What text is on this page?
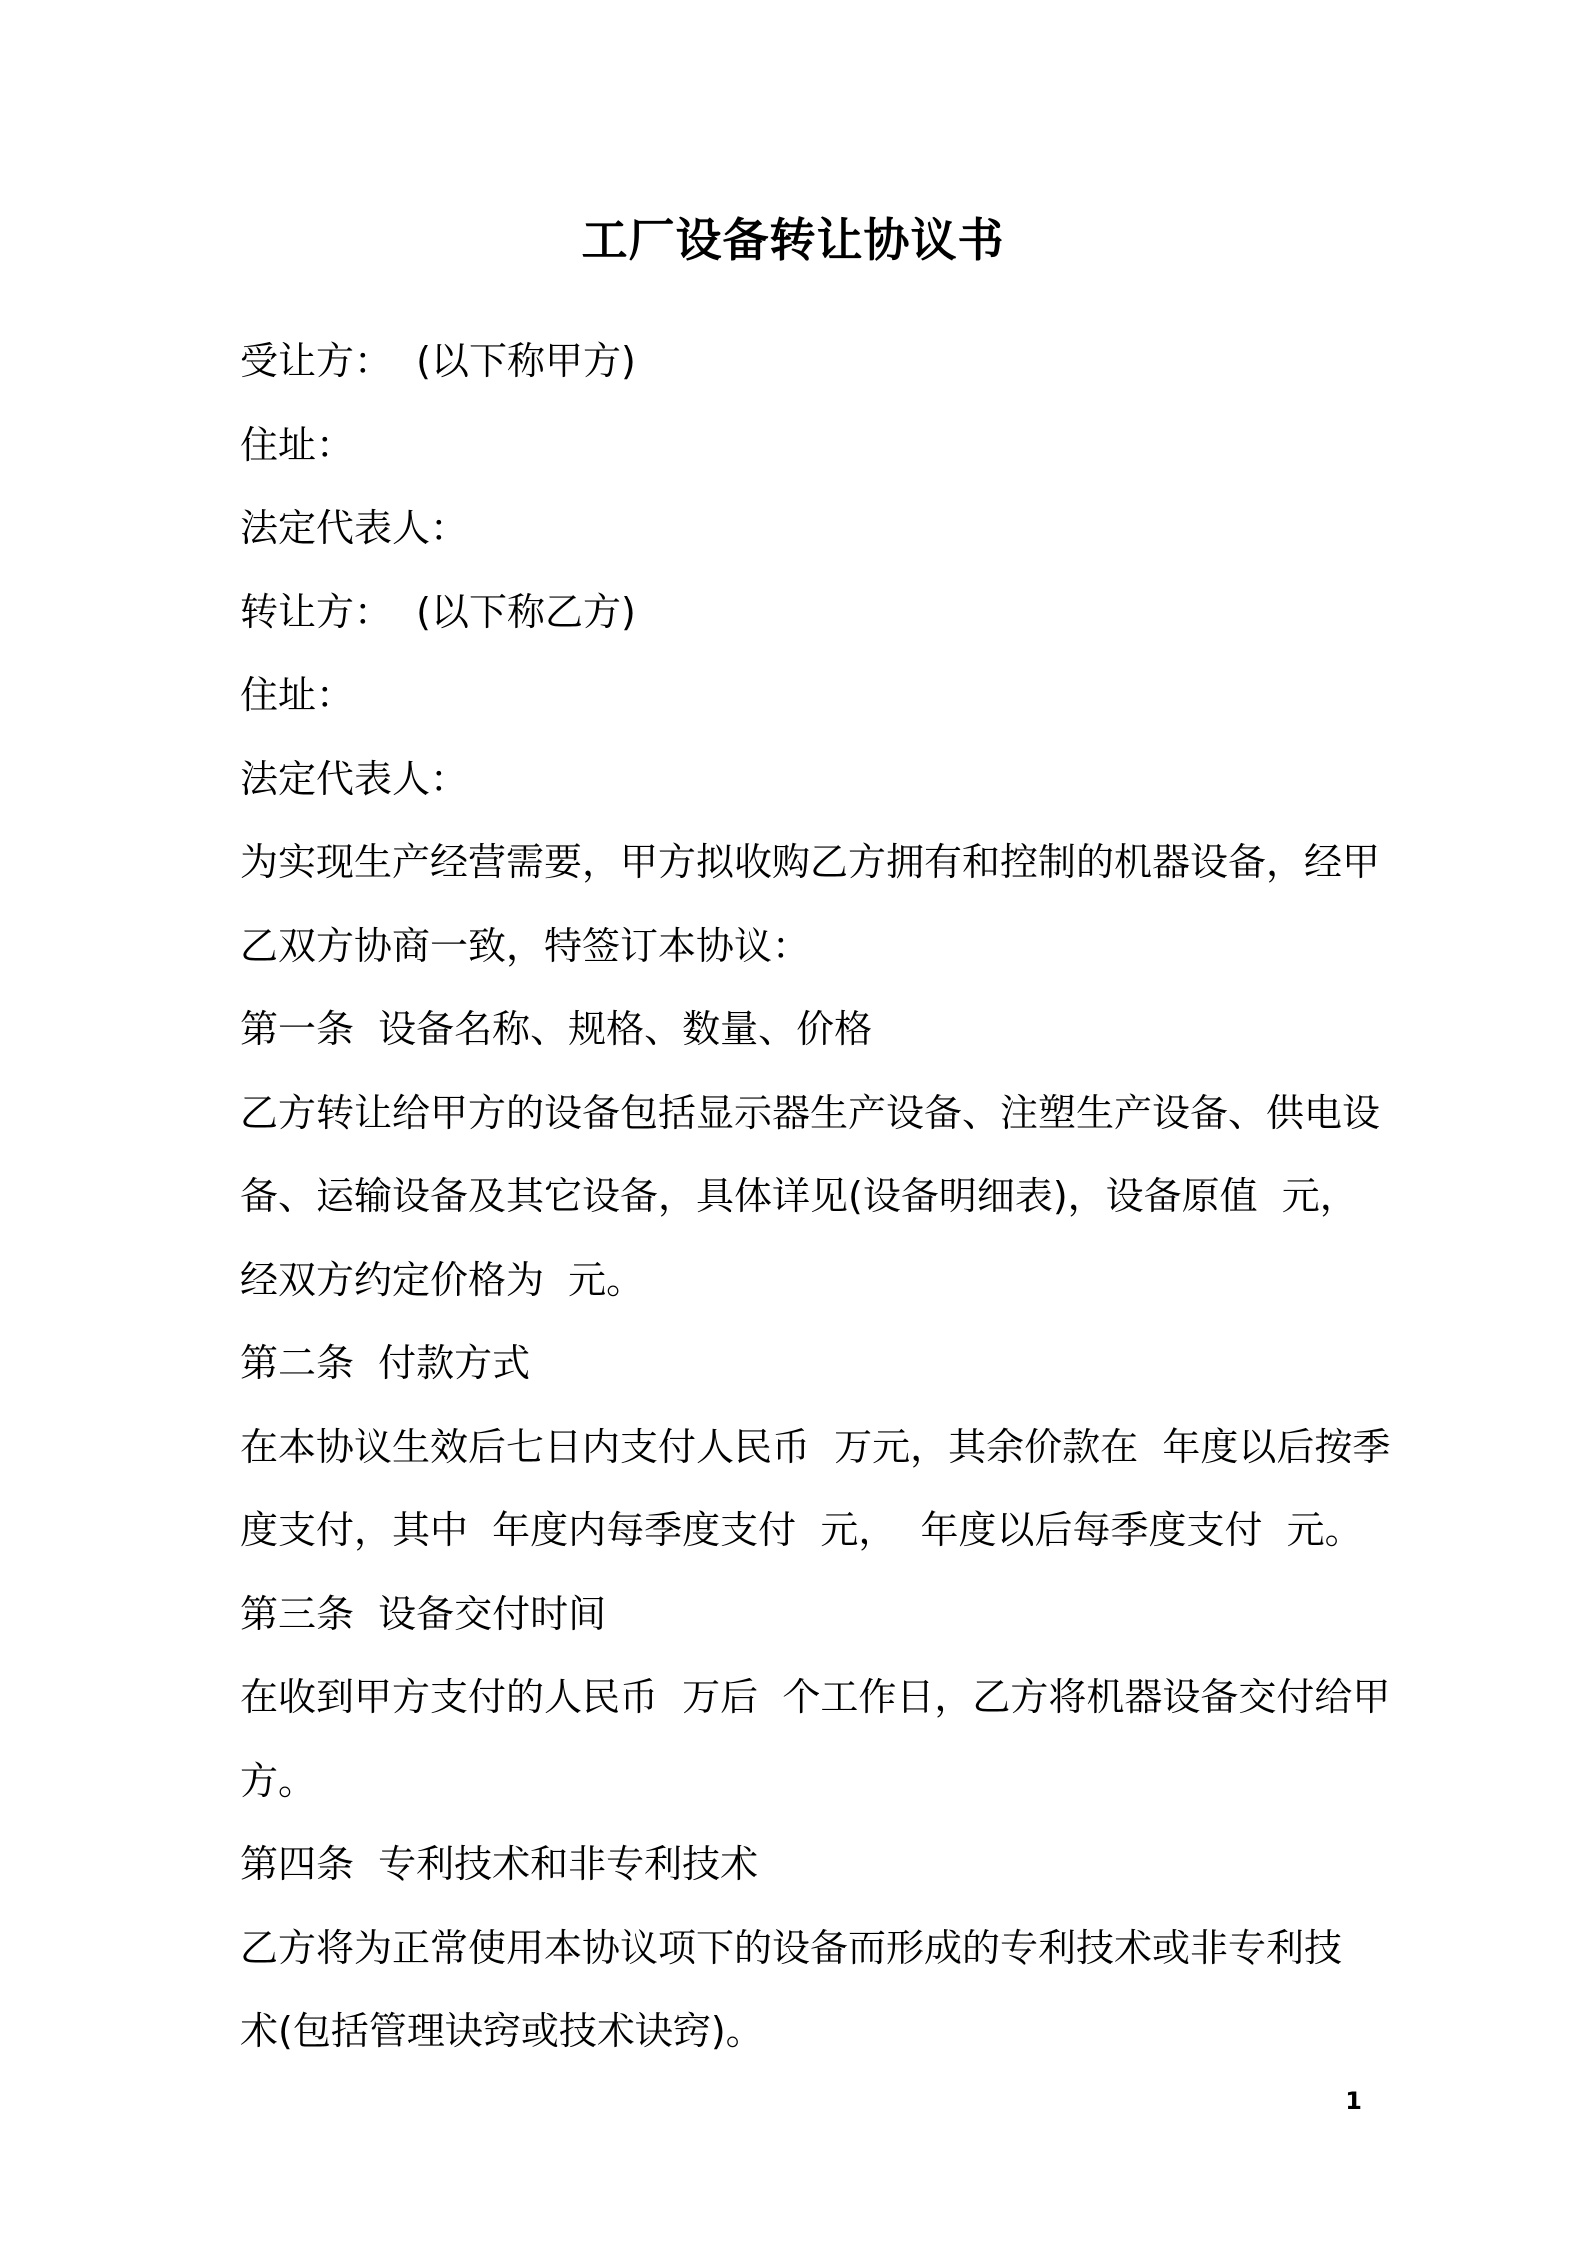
工厂设备转让协议书
受让方：  (以下称甲方)
住址：
法定代表人：
转让方：  (以下称乙方)
住址：
法定代表人：
为实现生产经营需要，甲方拟收购乙方拥有和控制的机器设备，经甲
乙双方协商一致，特签订本协议：
第一条  设备名称、规格、数量、价格
乙方转让给甲方的设备包括显示器生产设备、注塑生产设备、供电设
备、运输设备及其它设备，具体详见(设备明细表)，设备原值  元，
经双方约定价格为  元。
第二条  付款方式
在本协议生效后七日内支付人民币  万元，其余价款在  年度以后按季
度支付，其中  年度内每季度支付  元，  年度以后每季度支付  元。
第三条  设备交付时间
在收到甲方支付的人民币  万后  个工作日，乙方将机器设备交付给甲
方。
第四条  专利技术和非专利技术
乙方将为正常使用本协议项下的设备而形成的专利技术或非专利技
术(包括管理诀窍或技术诀窍)。
1
